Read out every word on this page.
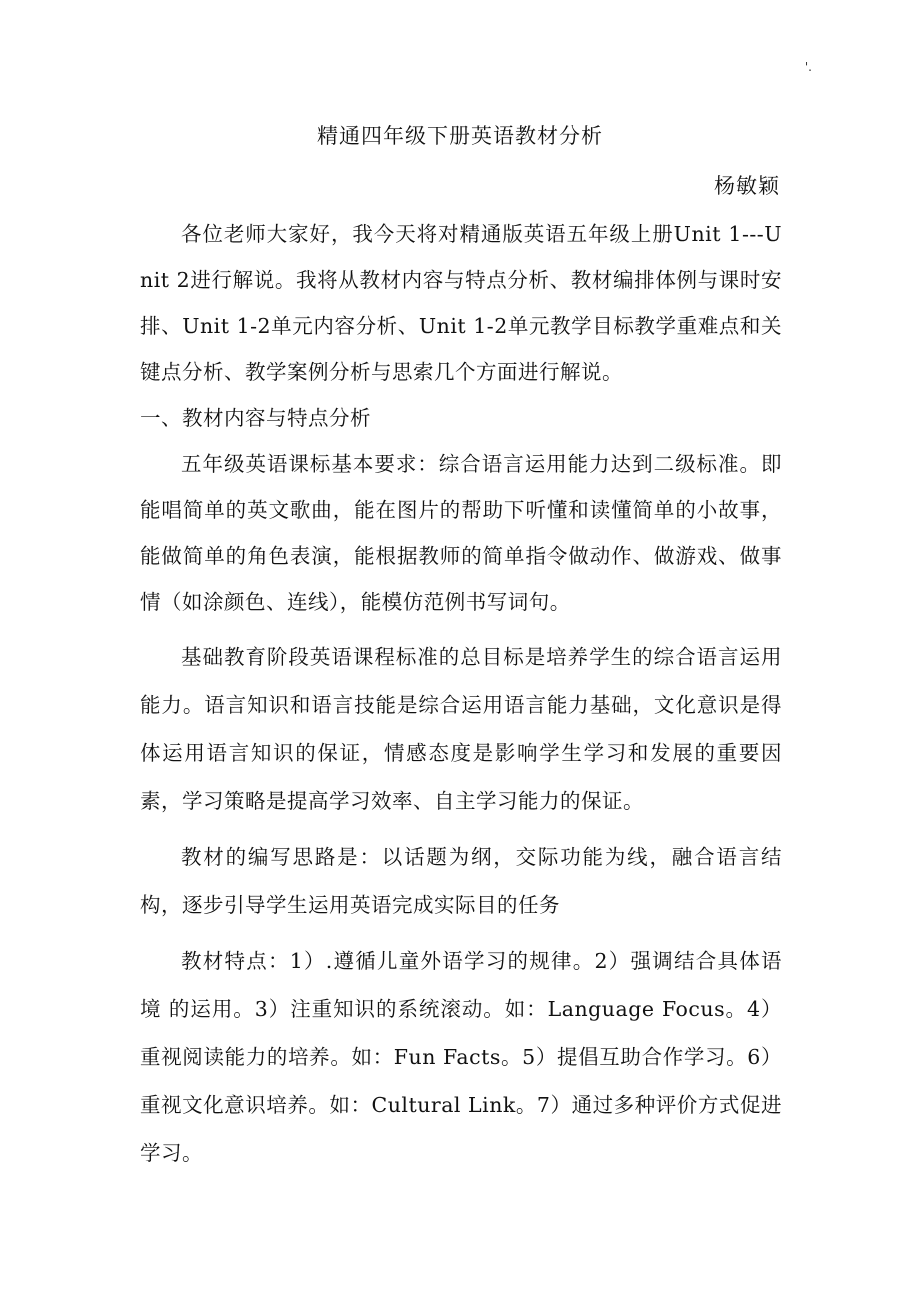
'.
精通四年级下册英语教材分析
杨敏颖

各位老师大家好，我今天将对精通版英语五年级上册Unit 1---Unit 2进行解说。我将从教材内容与特点分析、教材编排体例与课时安排、Unit 1-2单元内容分析、Unit 1-2单元教学目标教学重难点和关键点分析、教学案例分析与思索几个方面进行解说。

一、教材内容与特点分析

五年级英语课标基本要求：综合语言运用能力达到二级标准。即能唱简单的英文歌曲，能在图片的帮助下听懂和读懂简单的小故事，能做简单的角色表演，能根据教师的简单指令做动作、做游戏、做事情（如涂颜色、连线），能模仿范例书写词句。

基础教育阶段英语课程标准的总目标是培养学生的综合语言运用能力。语言知识和语言技能是综合运用语言能力基础，文化意识是得体运用语言知识的保证，情感态度是影响学生学习和发展的重要因素，学习策略是提高学习效率、自主学习能力的保证。

教材的编写思路是：以话题为纲，交际功能为线，融合语言结构，逐步引导学生运用英语完成实际目的任务

教材特点：1）.遵循儿童外语学习的规律。2）强调结合具体语境 的运用。3）注重知识的系统滚动。如：Language Focus。4）重视阅读能力的培养。如：Fun Facts。5）提倡互助合作学习。6）重视文化意识培养。如：Cultural Link。7）通过多种评价方式促进学习。
